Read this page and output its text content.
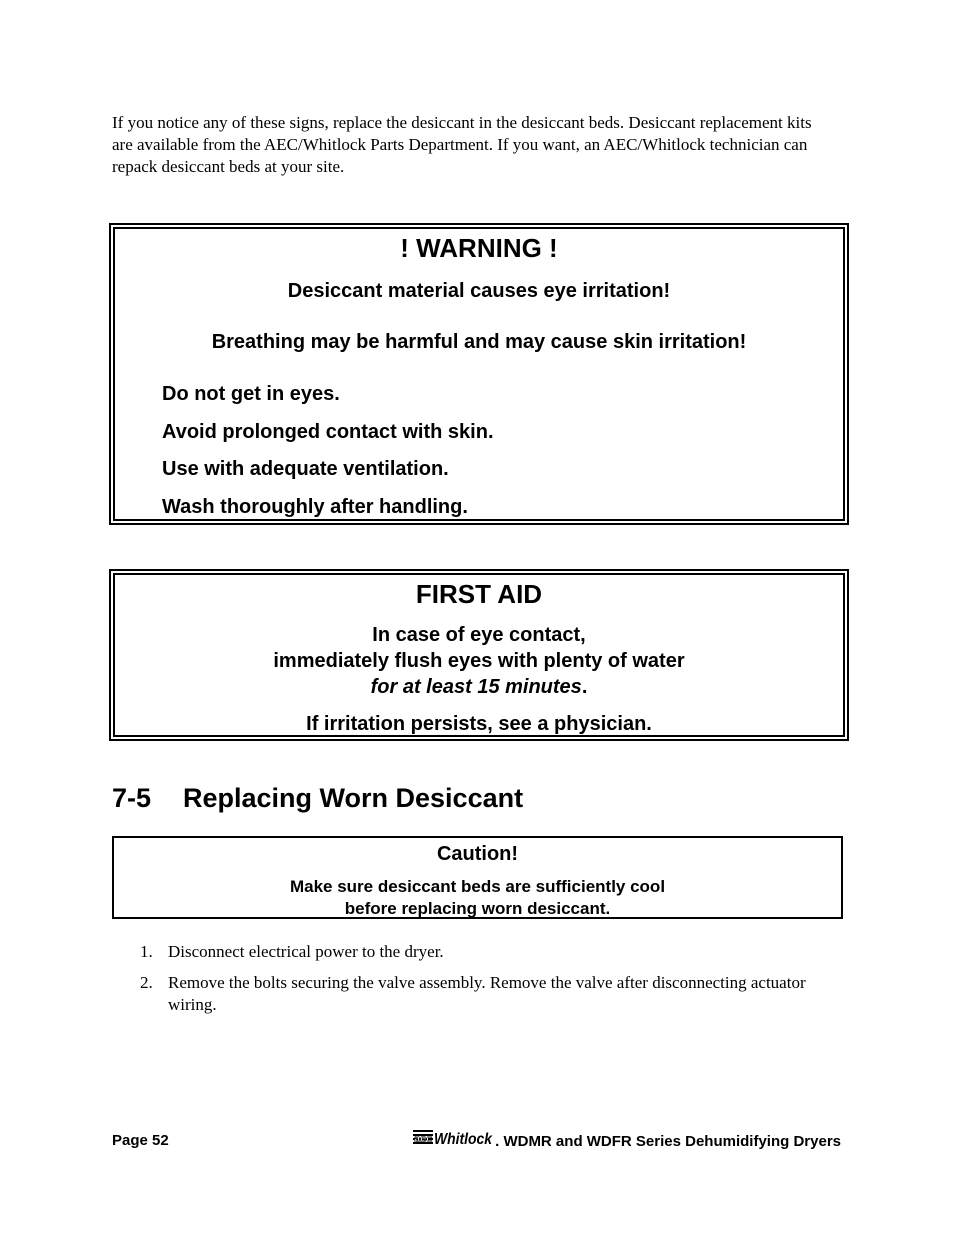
If you notice any of these signs, replace the desiccant in the desiccant beds. Desiccant replacement kits are available from the AEC/Whitlock Parts Department. If you want, an AEC/Whitlock technician can repack desiccant beds at your site.

! WARNING !

Desiccant material causes eye irritation!

Breathing may be harmful and may cause skin irritation!

Do not get in eyes.

Avoid prolonged contact with skin.

Use with adequate ventilation.

Wash thoroughly after handling.

FIRST AID

In case of eye contact,

immediately flush eyes with plenty of water

for at least 15 minutes.

If irritation persists, see a physician.

7-5 Replacing Worn Desiccant

Caution!

Make sure desiccant beds are sufficiently cool
before replacing worn desiccant.

1. Disconnect electrical power to the dryer.
2. Remove the bolts securing the valve assembly. Remove the valve after disconnecting actuator wiring.

Page 52	aec Whitlock . WDMR and WDFR Series Dehumidifying Dryers
